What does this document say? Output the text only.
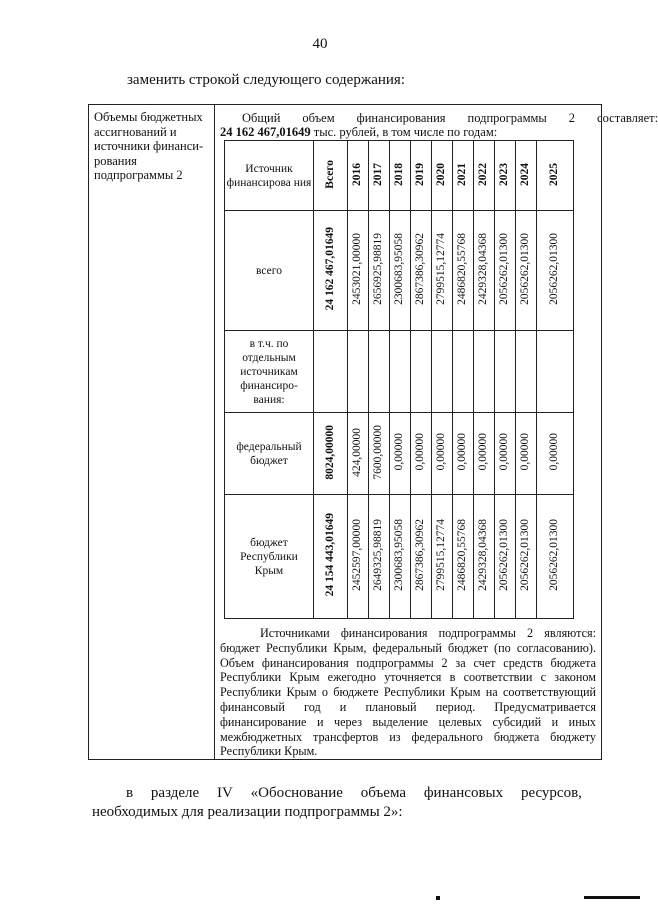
40
заменить строкой следующего содержания:
Объемы бюджетных
ассигнований и
источники финанси-
рования
подпрограммы 2
Общий	объем	финансирования	подпрограммы	2	составляет:
24 162 467,01649 тыс. рублей, в том числе по годам:
Источник финансирова ния	Всего	2016	2017	2018	2019	2020	2021	2022	2023	2024	2025

всего	24 162 467,01649	2453021,00000	2656925,98819	2300683,95058	2867386,30962	2799515,12774	2486820,55768	2429328,04368	2056262,01300	2056262,01300	2056262,01300

в т.ч. по отдельным источникам финансиро- вания:											

федеральный бюджет	8024,00000	424,00000	7600,00000	0,00000	0,00000	0,00000	0,00000	0,00000	0,00000	0,00000	0,00000

бюджет Республики Крым	24 154 443,01649	2452597,00000	2649325,98819	2300683,95058	2867386,30962	2799515,12774	2486820,55768	2429328,04368	2056262,01300	2056262,01300	2056262,01300

Источниками финансирования подпрограммы 2 являются: бюджет Республики Крым, федеральный бюджет (по согласованию). Объем финансирования подпрограммы 2 за счет средств бюджета Республики Крым ежегодно уточняется в соответствии с законом Республики Крым о бюджете Республики Крым на соответствующий финансовый год и плановый период. Предусматривается финансирование и через выделение целевых субсидий и иных межбюджетных трансфертов из федерального бюджета бюджету Республики Крым.

в разделе IV «Обоснование объема финансовых ресурсов,
необходимых для реализации подпрограммы 2»:
